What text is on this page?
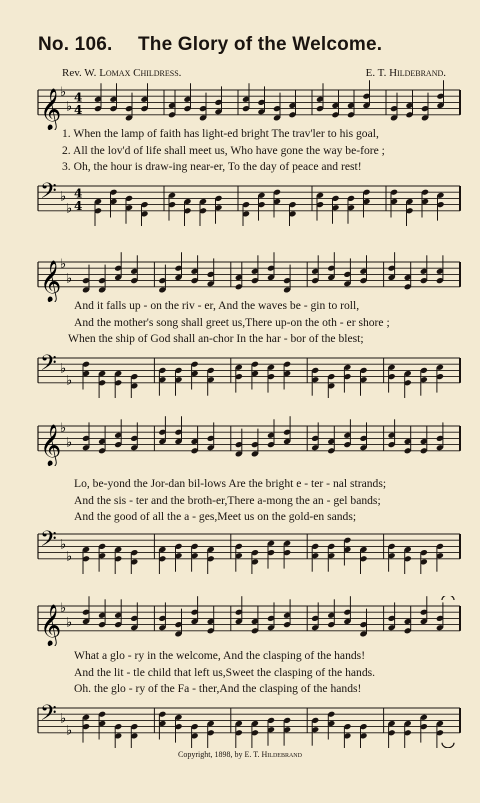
No. 106. The Glory of the Welcome.
Rev. W. Lomax Childress.	E. T. Hildebrand.
𝄞
♭
♭
4
4
1. When the lamp of faith has light-ed bright The trav'ler to his goal,
2. All the lov'd of life shall meet us, Who have gone the way be-fore ;
3. Oh, the hour is draw-ing near-er, To the day of peace and rest!
𝄢 ♭
♭
4
4
𝄞
♭
♭
And it falls up - on the riv - er, And the waves be - gin to roll,
And the mother's song shall greet us,There up-on the oth - er shore ;
When the ship of God shall an-chor In the har - bor of the blest;
𝄢 ♭
♭
𝄞
♭
♭
Lo, be-yond the Jor-dan bil-lows Are the bright e - ter - nal strands;
And the sis - ter and the broth-er,There a-mong the an - gel bands;
And the good of all the a - ges,Meet us on the gold-en sands;
𝄢 ♭
♭
𝄞
♭
♭
What a glo - ry in the welcome, And the clasping of the hands!
And the lit - tle child that left us,Sweet the clasping of the hands.
Oh. the glo - ry of the Fa - ther,And the clasping of the hands!
𝄢 ♭
♭
Copyright, 1898, by E. T. Hildebrand
